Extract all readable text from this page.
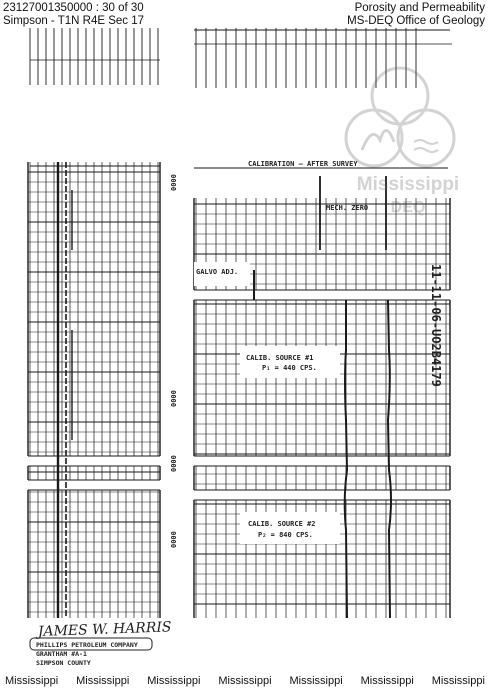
23127001350000 : 30 of 30
Simpson - T1N R4E Sec 17
Porosity and Permeability
MS-DEQ Office of Geology
Mississippi
DEQ
CALIBRATION — AFTER SURVEY
MECH. ZERO
GALVO ADJ.
CALIB. SOURCE #1
P₁ = 440 CPS.
CALIB. SOURCE #2
P₂ = 840 CPS.
0000
0000
0000
0000
11-11-06-UO2B4179
JAMES W. HARRIS
PHILLIPS PETROLEUM COMPANY
GRANTHAM #A-1
SIMPSON COUNTY
Mississippi Mississippi Mississippi Mississippi Mississippi Mississippi Mississippi
